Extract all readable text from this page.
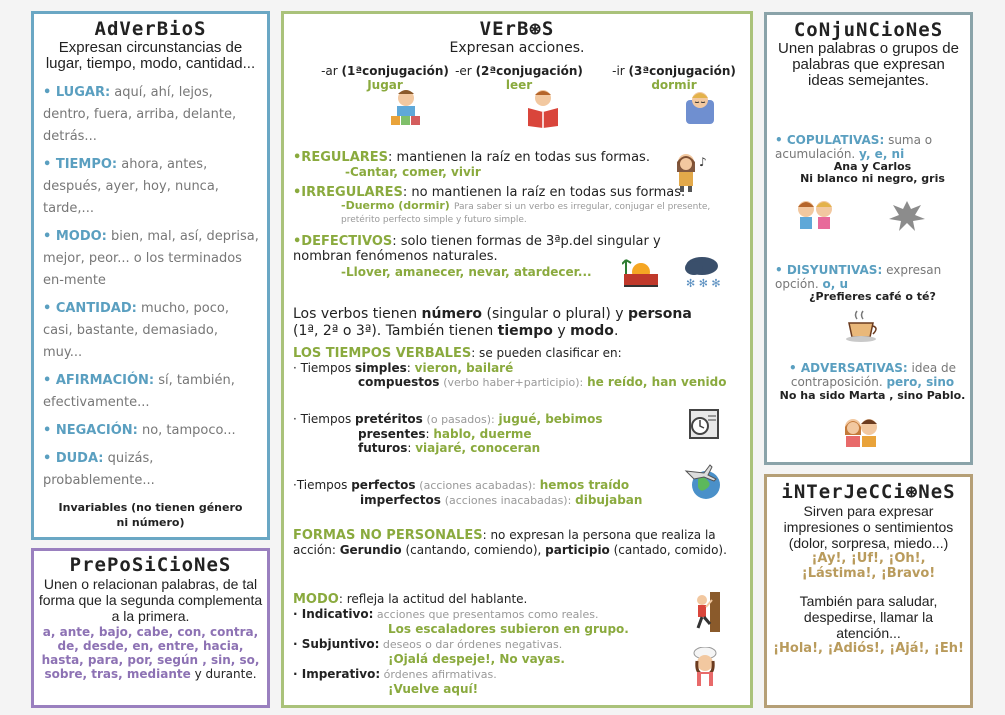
AdVerBioS

Expresan circunstancias de lugar, tiempo, modo, cantidad...

• LUGAR: aquí, ahí, lejos, dentro, fuera, arriba, delante, detrás...

• TIEMPO: ahora, antes, después, ayer, hoy, nunca, tarde,...

• MODO: bien, mal, así, deprisa, mejor, peor... o los terminados en-mente

• CANTIDAD: mucho, poco, casi, bastante, demasiado, muy...

• AFIRMACIÓN: sí, también, efectivamente...

• NEGACIÓN: no, tampoco...

• DUDA: quizás, probablemente...

Invariables (no tienen género ni número)

PrePoSiCioNeS

Unen o relacionan palabras, de tal forma que la segunda complementa a la primera.

a, ante, bajo, cabe, con, contra, de, desde, en, entre, hacia, hasta, para, por, según , sin, so, sobre, tras, mediante y durante.

VErB⊛S

Expresan acciones.

-ar (1ªconjugación)
Jugar
-er (2ªconjugación)
leer
-ir (3ªconjugación)
dormir

•REGULARES: mantienen la raíz en todas sus formas.

-Cantar, comer, vivir

♪

•IRREGULARES: no mantienen la raíz en todas sus formas.

-Duermo (dormir) Para saber si un verbo es irregular, conjugar el presente, pretérito perfecto simple y futuro simple.

•DEFECTIVOS: solo tienen formas de 3ªp.del singular y nombran fenómenos naturales.

-Llover, amanecer, nevar, atardecer...

✻ ✻ ✻

Los verbos tienen número (singular o plural) y persona
(1ª, 2ª o 3ª). También tienen tiempo y modo.

LOS TIEMPOS VERBALES: se pueden clasificar en:

· Tiempos simples: vieron, bailaré

compuestos (verbo haber+participio): he reído, han venido

· Tiempos pretéritos (o pasados): jugué, bebimos

presentes: hablo, duerme

futuros: viajaré, conoceran

·Tiempos perfectos (acciones acabadas): hemos traído

imperfectos (acciones inacabadas): dibujaban

FORMAS NO PERSONALES: no expresan la persona que realiza la acción: Gerundio (cantando, comiendo), participio (cantado, comido).

MODO: refleja la actitud del hablante.

· Indicativo: acciones que presentamos como reales.

Los escaladores subieron en grupo.

· Subjuntivo: deseos o dar órdenes negativas.

¡Ojalá despeje!, No vayas.

· Imperativo: órdenes afirmativas.

¡Vuelve aquí!

CoNjuNCioNeS

Unen palabras o grupos de palabras que expresan ideas semejantes.

• COPULATIVAS: suma o acumulación. y, e, ni

Ana y Carlos

Ni blanco ni negro, gris

• DISYUNTIVAS: expresan opción. o, u

¿Prefieres café o té?

• ADVERSATIVAS: idea de contraposición. pero, sino

No ha sido Marta , sino Pablo.

iNTerJeCCi⊛NeS

Sirven para expresar impresiones o sentimientos (dolor, sorpresa, miedo...)

¡Ay!, ¡Uf!, ¡Oh!, ¡Lástima!, ¡Bravo!

También para saludar, despedirse, llamar la atención...

¡Hola!, ¡Adiós!, ¡Ajá!, ¡Eh!
